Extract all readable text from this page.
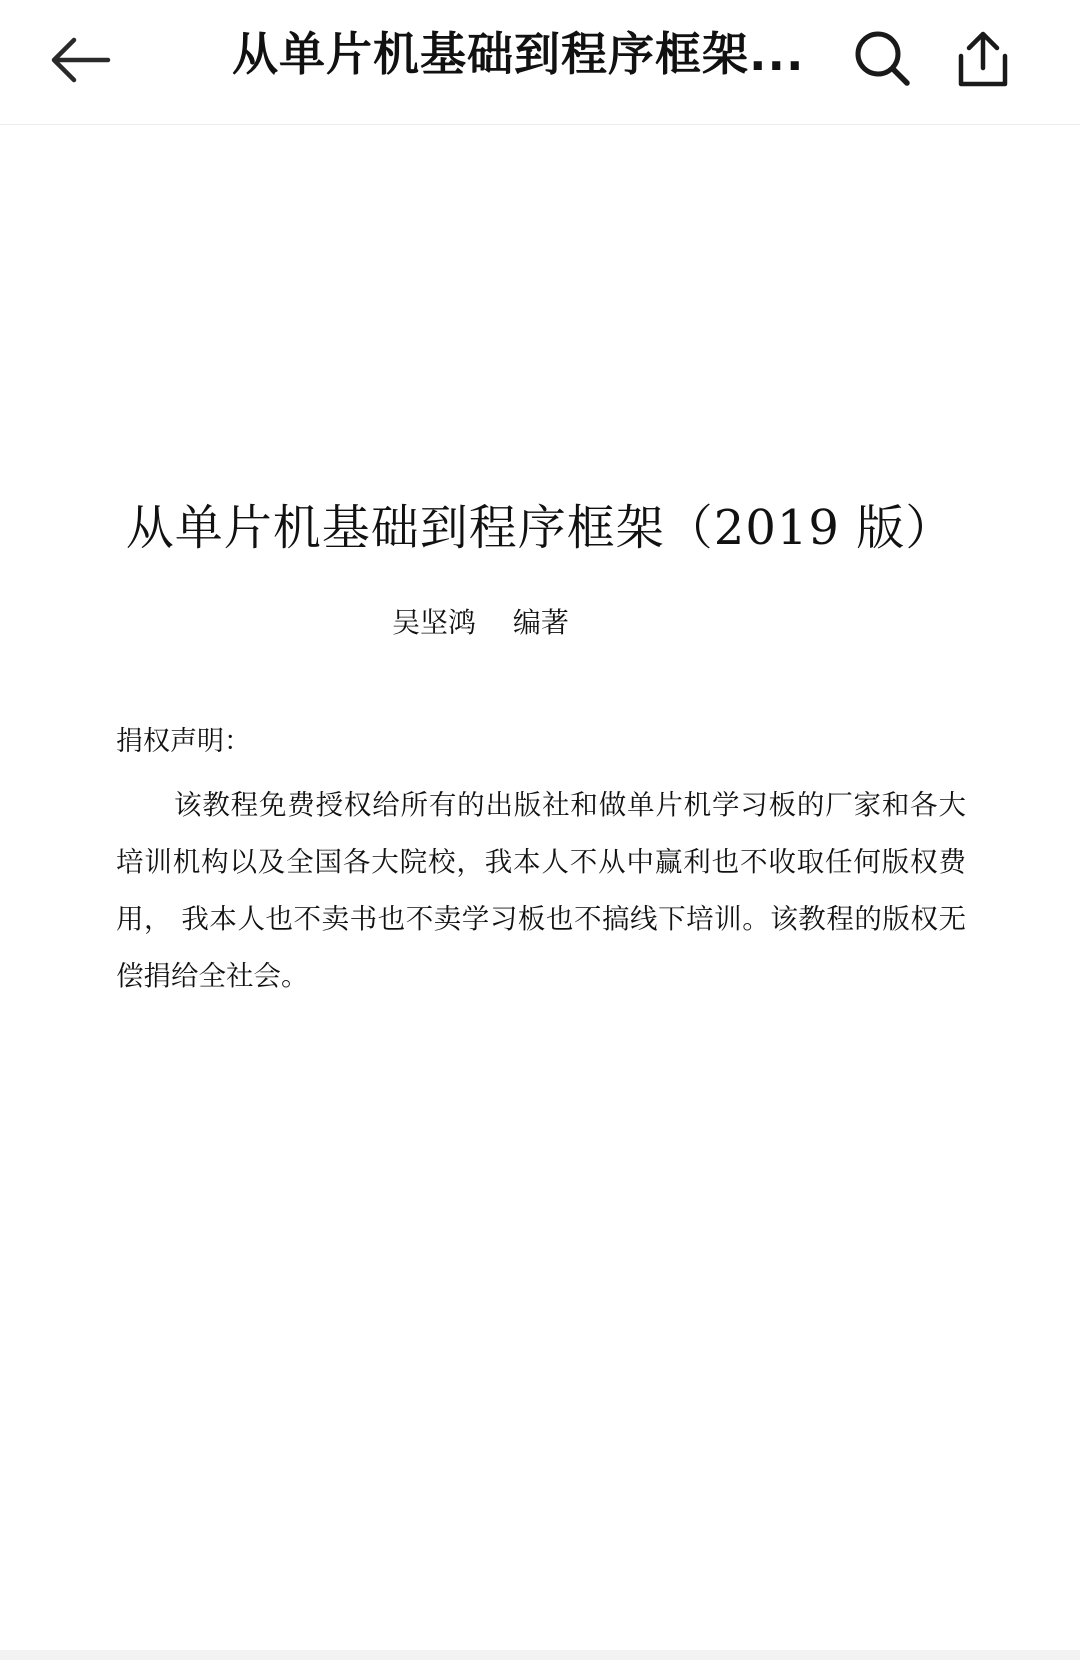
从单片机基础到程序框架...
从单片机基础到程序框架（2019 版）
吴坚鸿　 编著
捐权声明：
该教程免费授权给所有的出版社和做单片机学习板的厂家和各大培训机构以及全国各大院校，我本人不从中赢利也不收取任何版权费用， 我本人也不卖书也不卖学习板也不搞线下培训。该教程的版权无偿捐给全社会。
